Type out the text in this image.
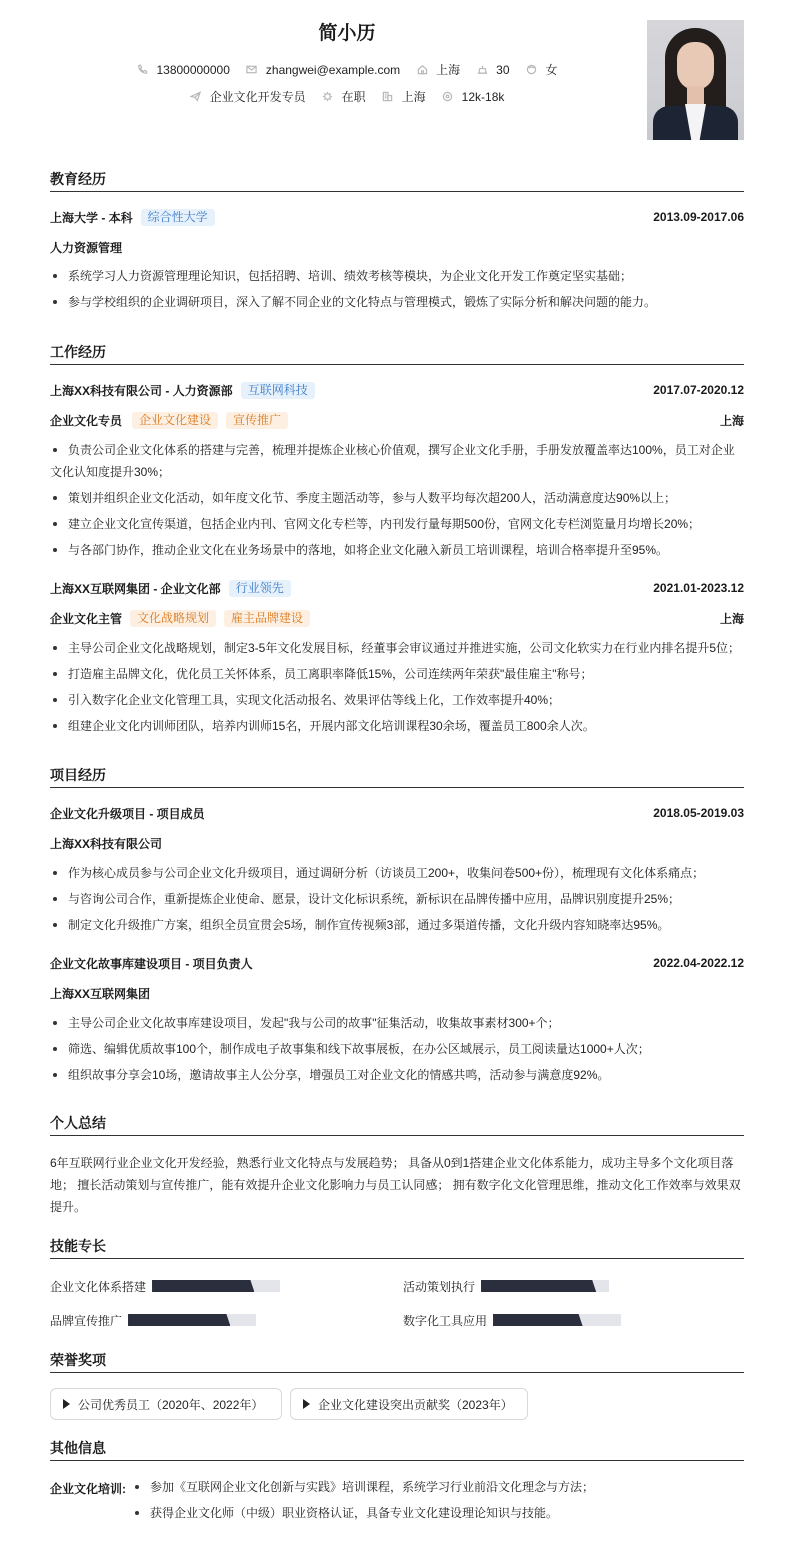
简小历
13800000000	zhangwei@example.com	上海	30	女
企业文化开发专员	在职	上海	12k-18k
教育经历
上海大学 - 本科	综合性大学	2013.09-2017.06
人力资源管理
系统学习人力资源管理理论知识，包括招聘、培训、绩效考核等模块，为企业文化开发工作奠定坚实基础；
参与学校组织的企业调研项目，深入了解不同企业的文化特点与管理模式，锻炼了实际分析和解决问题的能力。
工作经历
上海XX科技有限公司 - 人力资源部	互联网科技	2017.07-2020.12
企业文化专员	企业文化建设	宣传推广	上海
负责公司企业文化体系的搭建与完善，梳理并提炼企业核心价值观，撰写企业文化手册，手册发放覆盖率达100%，员工对企业文化认知度提升30%；
策划并组织企业文化活动，如年度文化节、季度主题活动等，参与人数平均每次超200人，活动满意度达90%以上；
建立企业文化宣传渠道，包括企业内刊、官网文化专栏等，内刊发行量每期500份，官网文化专栏浏览量月均增长20%；
与各部门协作，推动企业文化在业务场景中的落地，如将企业文化融入新员工培训课程，培训合格率提升至95%。
上海XX互联网集团 - 企业文化部	行业领先	2021.01-2023.12
企业文化主管	文化战略规划	雇主品牌建设	上海
主导公司企业文化战略规划，制定3-5年文化发展目标，经董事会审议通过并推进实施，公司文化软实力在行业内排名提升5位；
打造雇主品牌文化，优化员工关怀体系，员工离职率降低15%，公司连续两年荣获"最佳雇主"称号；
引入数字化企业文化管理工具，实现文化活动报名、效果评估等线上化，工作效率提升40%；
组建企业文化内训师团队，培养内训师15名，开展内部文化培训课程30余场，覆盖员工800余人次。
项目经历
企业文化升级项目 - 项目成员	2018.05-2019.03
上海XX科技有限公司
作为核心成员参与公司企业文化升级项目，通过调研分析（访谈员工200+，收集问卷500+份），梳理现有文化体系痛点；
与咨询公司合作，重新提炼企业使命、愿景，设计文化标识系统，新标识在品牌传播中应用，品牌识别度提升25%；
制定文化升级推广方案，组织全员宣贯会5场，制作宣传视频3部，通过多渠道传播，文化升级内容知晓率达95%。
企业文化故事库建设项目 - 项目负责人	2022.04-2022.12
上海XX互联网集团
主导公司企业文化故事库建设项目，发起"我与公司的故事"征集活动，收集故事素材300+个；
筛选、编辑优质故事100个，制作成电子故事集和线下故事展板，在办公区域展示，员工阅读量达1000+人次；
组织故事分享会10场，邀请故事主人公分享，增强员工对企业文化的情感共鸣，活动参与满意度92%。
个人总结
6年互联网行业企业文化开发经验，熟悉行业文化特点与发展趋势； 具备从0到1搭建企业文化体系能力，成功主导多个文化项目落地； 擅长活动策划与宣传推广，能有效提升企业文化影响力与员工认同感； 拥有数字化文化管理思维，推动文化工作效率与效果双提升。
技能专长
企业文化体系搭建	活动策划执行
品牌宣传推广	数字化工具应用
荣誉奖项
公司优秀员工（2020年、2022年）	企业文化建设突出贡献奖（2023年）
其他信息
企业文化培训:	参加《互联网企业文化创新与实践》培训课程，系统学习行业前沿文化理念与方法；
获得企业文化师（中级）职业资格认证，具备专业文化建设理论知识与技能。
